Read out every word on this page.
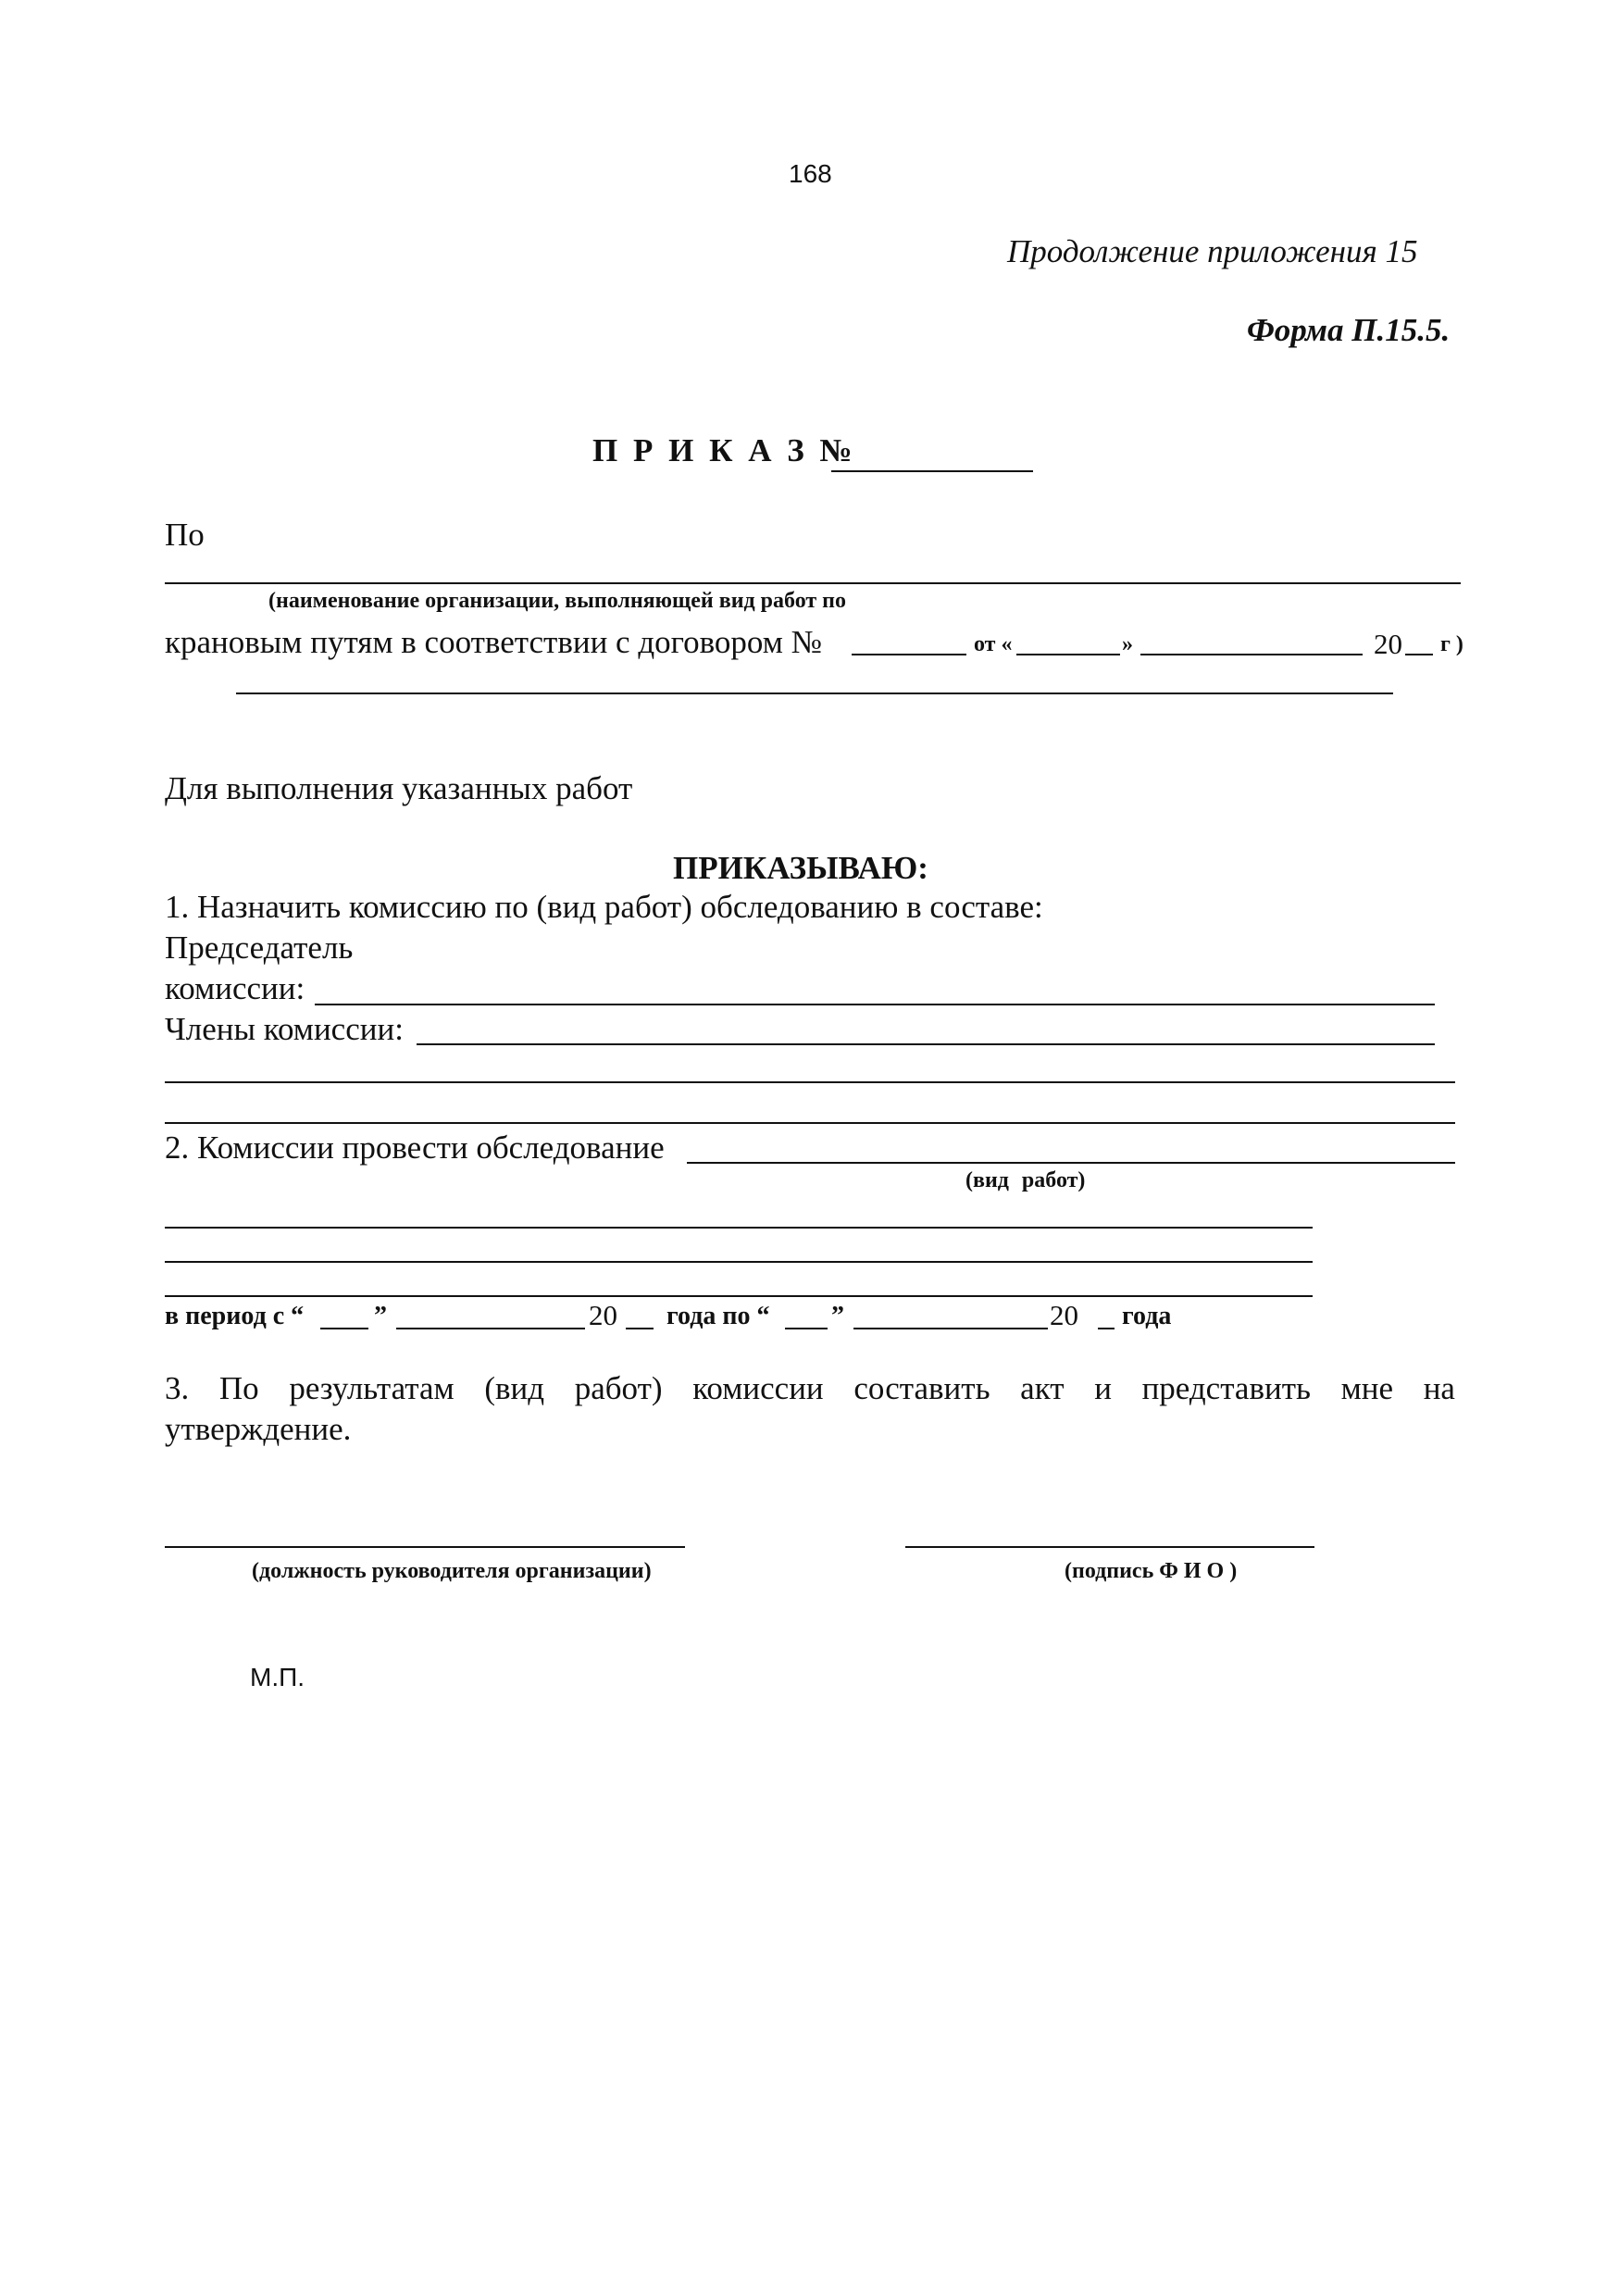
168
Продолжение приложения 15
Форма П.15.5.
П Р И К А З №
По
(наименование организации, выполняющей вид работ по
крановым путям в соответствии с договором №	от «	»	20 г )
Для выполнения указанных работ
ПРИКАЗЫВАЮ:
1. Назначить комиссию по (вид работ) обследованию в составе:
Председатель
комиссии:
Члены комиссии:
2. Комиссии провести обследование
(вид работ)
в период с “	”	20 года по “ ”	20 года
3. По результатам (вид работ) комиссии составить акт и представить мне на
утверждение.
(должность руководителя организации)	(подпись Ф И О )
М.П.
